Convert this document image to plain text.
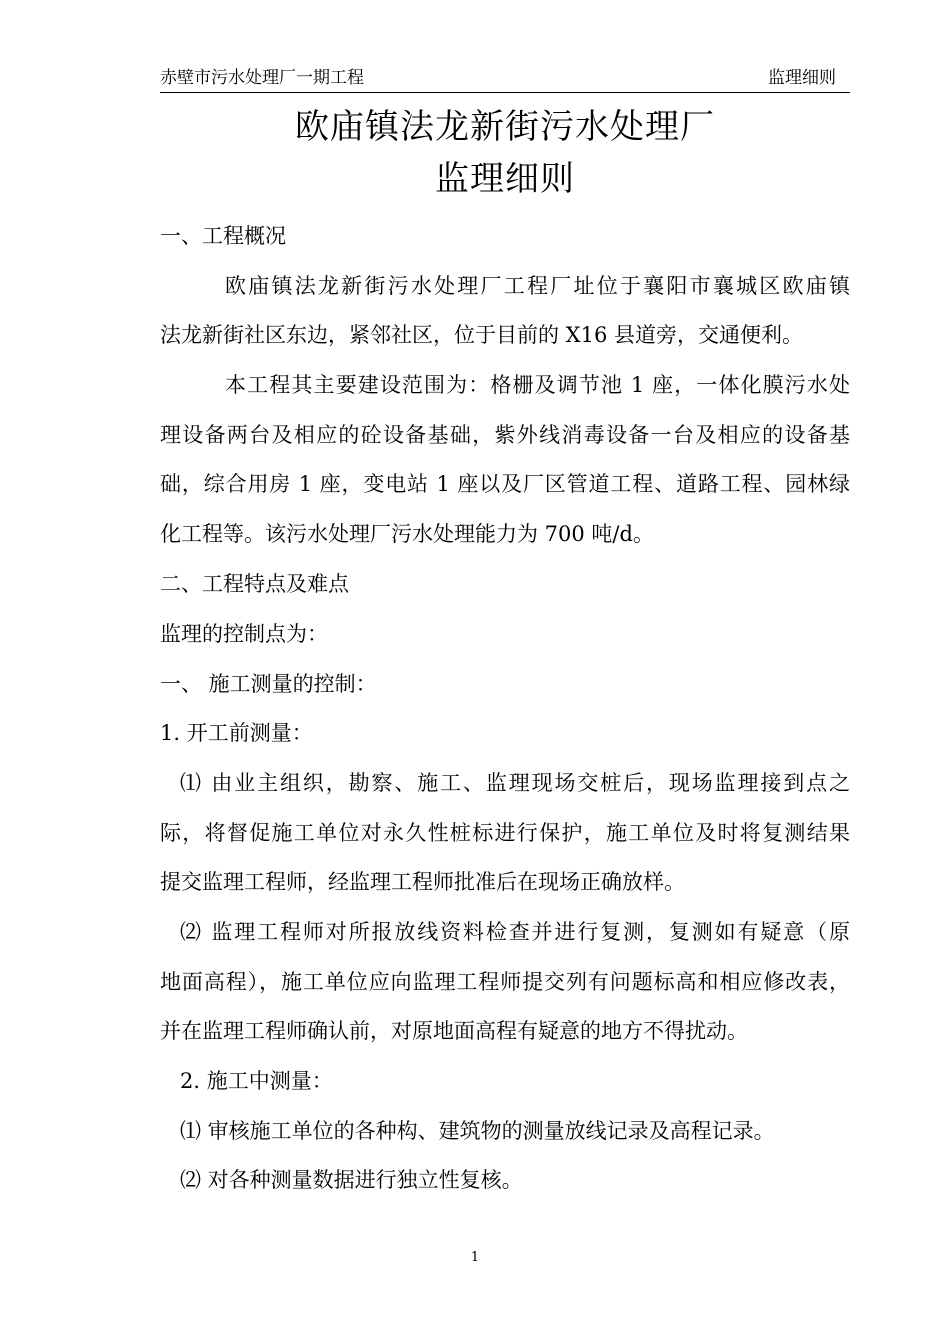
赤壁市污水处理厂一期工程	监理细则
欧庙镇法龙新街污水处理厂
监理细则
一、工程概况
欧庙镇法龙新街污水处理厂工程厂址位于襄阳市襄城区欧庙镇
法龙新街社区东边，紧邻社区，位于目前的 X16 县道旁，交通便利。
本工程其主要建设范围为：格栅及调节池 1 座，一体化膜污水处
理设备两台及相应的砼设备基础，紫外线消毒设备一台及相应的设备基
础，综合用房 1 座，变电站 1 座以及厂区管道工程、道路工程、园林绿
化工程等。该污水处理厂污水处理能力为 700 吨/d。
二、工程特点及难点
监理的控制点为：
一、 施工测量的控制：
1. 开工前测量：
⑴ 由业主组织，勘察、施工、监理现场交桩后，现场监理接到点之
际，将督促施工单位对永久性桩标进行保护，施工单位及时将复测结果
提交监理工程师，经监理工程师批准后在现场正确放样。
⑵ 监理工程师对所报放线资料检查并进行复测，复测如有疑意（原
地面高程），施工单位应向监理工程师提交列有问题标高和相应修改表，
并在监理工程师确认前，对原地面高程有疑意的地方不得扰动。
2. 施工中测量：
⑴ 审核施工单位的各种构、建筑物的测量放线记录及高程记录。
⑵ 对各种测量数据进行独立性复核。
1
